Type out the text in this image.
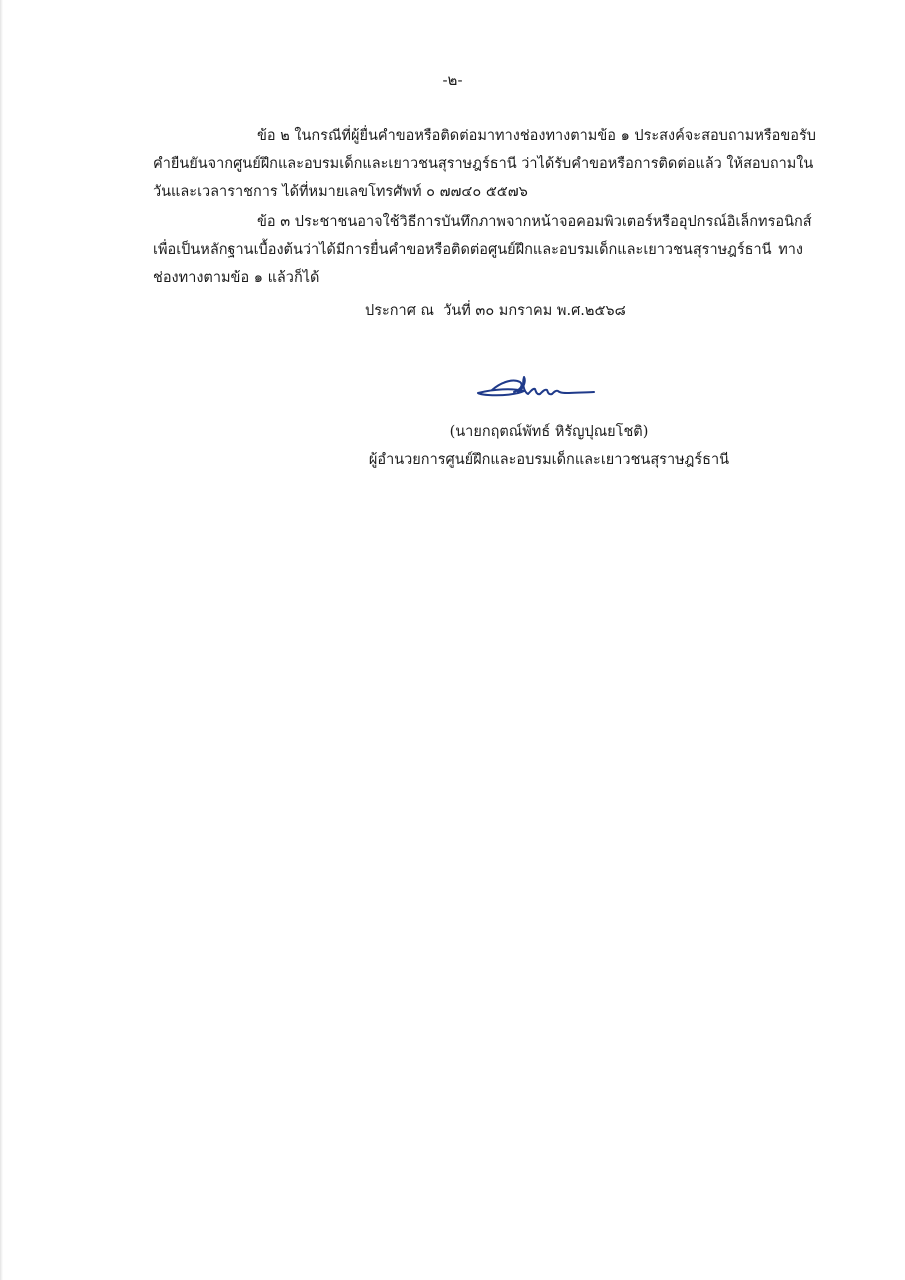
-๒-
ข้อ ๒ ในกรณีที่ผู้ยื่นคำขอหรือติดต่อมาทางช่องทางตามข้อ ๑ ประสงค์จะสอบถามหรือขอรับ
คำยืนยันจากศูนย์ฝึกและอบรมเด็กและเยาวชนสุราษฎร์ธานี ว่าได้รับคำขอหรือการติดต่อแล้ว ให้สอบถามใน
วันและเวลาราชการ ได้ที่หมายเลขโทรศัพท์ ๐ ๗๗๔๐ ๕๕๗๖
ข้อ ๓ ประชาชนอาจใช้วิธีการบันทึกภาพจากหน้าจอคอมพิวเตอร์หรืออุปกรณ์อิเล็กทรอนิกส์
เพื่อเป็นหลักฐานเบื้องต้นว่าได้มีการยื่นคำขอหรือติดต่อศูนย์ฝึกและอบรมเด็กและเยาวชนสุราษฎร์ธานี ทาง
ช่องทางตามข้อ ๑ แล้วก็ได้
ประกาศ ณ  วันที่ ๓๐ มกราคม พ.ศ.๒๕๖๘
(นายกฤตณ์พัทธ์ หิรัญปุณยโชติ)
ผู้อำนวยการศูนย์ฝึกและอบรมเด็กและเยาวชนสุราษฎร์ธานี
